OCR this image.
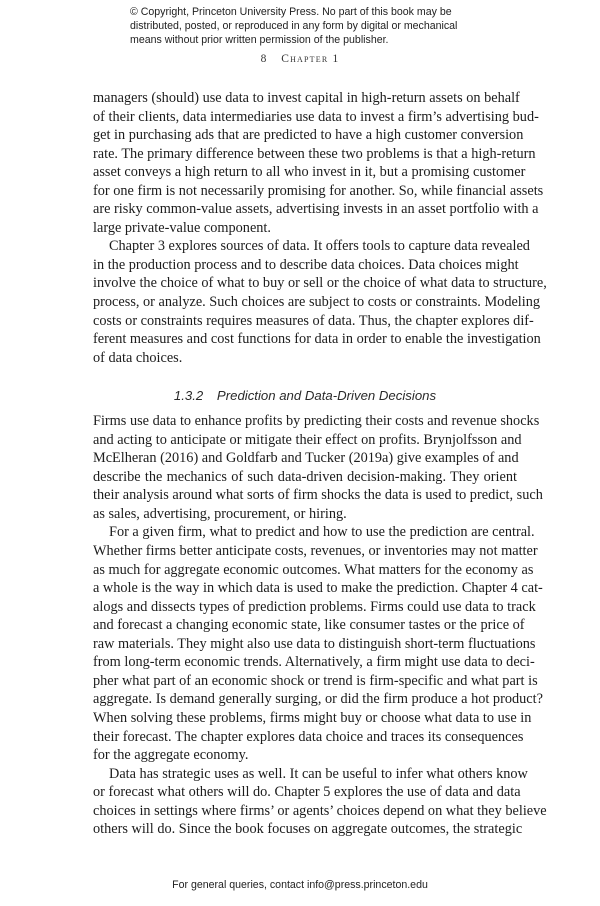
© Copyright, Princeton University Press. No part of this book may be
distributed, posted, or reproduced in any form by digital or mechanical
means without prior written permission of the publisher.
8 Chapter 1
managers (should) use data to invest capital in high-return assets on behalf
of their clients, data intermediaries use data to invest a firm’s advertising bud-
get in purchasing ads that are predicted to have a high customer conversion
rate. The primary difference between these two problems is that a high-return
asset conveys a high return to all who invest in it, but a promising customer
for one firm is not necessarily promising for another. So, while financial assets
are risky common-value assets, advertising invests in an asset portfolio with a
large private-value component.
Chapter 3 explores sources of data. It offers tools to capture data revealed
in the production process and to describe data choices. Data choices might
involve the choice of what to buy or sell or the choice of what data to structure,
process, or analyze. Such choices are subject to costs or constraints. Modeling
costs or constraints requires measures of data. Thus, the chapter explores dif-
ferent measures and cost functions for data in order to enable the investigation
of data choices.
1.3.2 Prediction and Data-Driven Decisions
Firms use data to enhance profits by predicting their costs and revenue shocks
and acting to anticipate or mitigate their effect on profits. Brynjolfsson and
McElheran (2016) and Goldfarb and Tucker (2019a) give examples of and
describe the mechanics of such data-driven decision-making. They orient
their analysis around what sorts of firm shocks the data is used to predict, such
as sales, advertising, procurement, or hiring.
For a given firm, what to predict and how to use the prediction are central.
Whether firms better anticipate costs, revenues, or inventories may not matter
as much for aggregate economic outcomes. What matters for the economy as
a whole is the way in which data is used to make the prediction. Chapter 4 cat-
alogs and dissects types of prediction problems. Firms could use data to track
and forecast a changing economic state, like consumer tastes or the price of
raw materials. They might also use data to distinguish short-term fluctuations
from long-term economic trends. Alternatively, a firm might use data to deci-
pher what part of an economic shock or trend is firm-specific and what part is
aggregate. Is demand generally surging, or did the firm produce a hot product?
When solving these problems, firms might buy or choose what data to use in
their forecast. The chapter explores data choice and traces its consequences
for the aggregate economy.
Data has strategic uses as well. It can be useful to infer what others know
or forecast what others will do. Chapter 5 explores the use of data and data
choices in settings where firms’ or agents’ choices depend on what they believe
others will do. Since the book focuses on aggregate outcomes, the strategic
For general queries, contact info@press.princeton.edu
